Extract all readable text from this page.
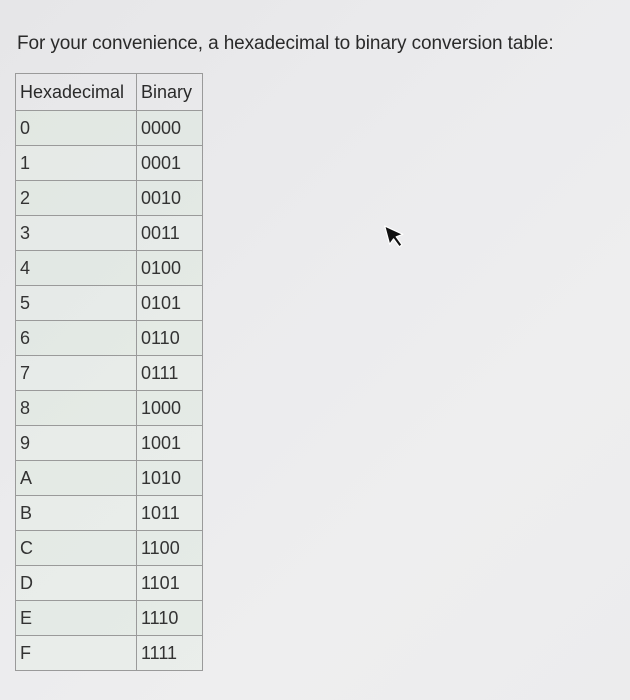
For your convenience, a hexadecimal to binary conversion table:
Hexadecimal	Binary
0	0000
1	0001
2	0010
3	0011
4	0100
5	0101
6	0110
7	0111
8	1000
9	1001
A	1010
B	1011
C	1100
D	1101
E	1110
F	1111
